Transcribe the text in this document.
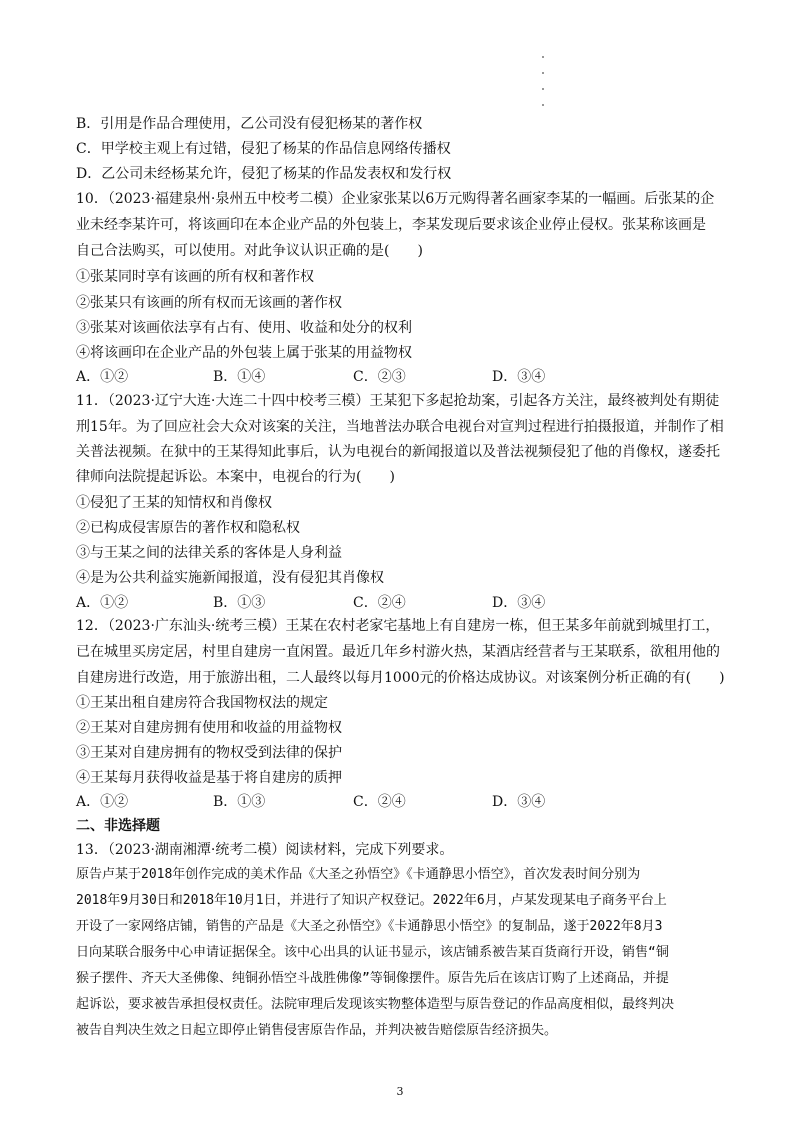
B．引用是作品合理使用，乙公司没有侵犯杨某的著作权
C．甲学校主观上有过错，侵犯了杨某的作品信息网络传播权
D．乙公司未经杨某允许，侵犯了杨某的作品发表权和发行权
10．（2023·福建泉州·泉州五中校考二模）企业家张某以6万元购得著名画家李某的一幅画。后张某的企
业未经李某许可，将该画印在本企业产品的外包装上，李某发现后要求该企业停止侵权。张某称该画是
自己合法购买，可以使用。对此争议认识正确的是(　　)
①张某同时享有该画的所有权和著作权
②张某只有该画的所有权而无该画的著作权
③张某对该画依法享有占有、使用、收益和处分的权利
④将该画印在企业产品的外包装上属于张某的用益物权
A．①②	B．①④	C．②③	D．③④
11．（2023·辽宁大连·大连二十四中校考三模）王某犯下多起抢劫案，引起各方关注，最终被判处有期徒
刑15年。为了回应社会大众对该案的关注，当地普法办联合电视台对宣判过程进行拍摄报道，并制作了相
关普法视频。在狱中的王某得知此事后，认为电视台的新闻报道以及普法视频侵犯了他的肖像权，遂委托
律师向法院提起诉讼。本案中，电视台的行为(　　)
①侵犯了王某的知情权和肖像权
②已构成侵害原告的著作权和隐私权
③与王某之间的法律关系的客体是人身利益
④是为公共利益实施新闻报道，没有侵犯其肖像权
A．①②	B．①③	C．②④	D．③④
12．（2023·广东汕头·统考三模）王某在农村老家宅基地上有自建房一栋，但王某多年前就到城里打工，
已在城里买房定居，村里自建房一直闲置。最近几年乡村游火热，某酒店经营者与王某联系，欲租用他的
自建房进行改造，用于旅游出租，二人最终以每月1000元的价格达成协议。对该案例分析正确的有(　　)
①王某出租自建房符合我国物权法的规定
②王某对自建房拥有使用和收益的用益物权
③王某对自建房拥有的物权受到法律的保护
④王某每月获得收益是基于将自建房的质押
A．①②	B．①③	C．②④	D．③④
二、非选择题
13．（2023·湖南湘潭·统考二模）阅读材料，完成下列要求。
原告卢某于2018年创作完成的美术作品《大圣之孙悟空》《卡通静思小悟空》，首次发表时间分别为
2018年9月30日和2018年10月1日，并进行了知识产权登记。2022年6月，卢某发现某电子商务平台上
开设了一家网络店铺，销售的产品是《大圣之孙悟空》《卡通静思小悟空》的复制品，遂于2022年8月3
日向某联合服务中心申请证据保全。该中心出具的认证书显示，该店铺系被告某百货商行开设，销售“铜
猴子摆件、齐天大圣佛像、纯铜孙悟空斗战胜佛像”等铜像摆件。原告先后在该店订购了上述商品，并提
起诉讼，要求被告承担侵权责任。法院审理后发现该实物整体造型与原告登记的作品高度相似，最终判决
被告自判决生效之日起立即停止销售侵害原告作品，并判决被告赔偿原告经济损失。
3
